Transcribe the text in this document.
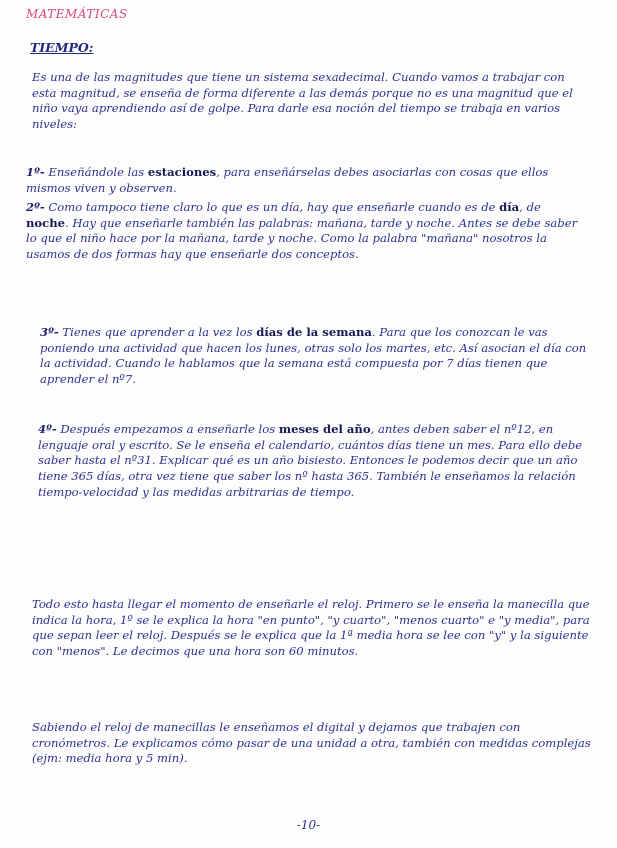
MATEMÁTICAS
TIEMPO:
Es una de las magnitudes que tiene un sistema sexadecimal. Cuando vamos a trabajar con esta magnitud, se enseña de forma diferente a las demás porque no es una magnitud que el niño vaya aprendiendo así de golpe. Para darle esa noción del tiempo se trabaja en varios niveles:
1º- Enseñándole las estaciones, para enseñárselas debes asociarlas con cosas que ellos mismos viven y observen.
2º- Como tampoco tiene claro lo que es un día, hay que enseñarle cuando es de día, de noche. Hay que enseñarle también las palabras: mañana, tarde y noche. Antes se debe saber lo que el niño hace por la mañana, tarde y noche. Como la palabra "mañana" nosotros la usamos de dos formas hay que enseñarle dos conceptos.
3º- Tienes que aprender a la vez los días de la semana. Para que los conozcan le vas poniendo una actividad que hacen los lunes, otras solo los martes, etc. Así asocian el día con la actividad. Cuando le hablamos que la semana está compuesta por 7 días tienen que aprender el nº7.
4º- Después empezamos a enseñarle los meses del año, antes deben saber el nº12, en lenguaje oral y escrito. Se le enseña el calendario, cuántos días tiene un mes. Para ello debe saber hasta el nº31. Explicar qué es un año bisiesto. Entonces le podemos decir que un año tiene 365 días, otra vez tiene que saber los nº hasta 365. También le enseñamos la relación tiempo-velocidad y las medidas arbitrarias de tiempo.
Todo esto hasta llegar el momento de enseñarle el reloj. Primero se le enseña la manecilla que indica la hora, 1º se le explica la hora "en punto", "y cuarto", "menos cuarto" e "y media", para que sepan leer el reloj. Después se le explica que la 1ª media hora se lee con "y" y la siguiente con "menos". Le decimos que una hora son 60 minutos.
Sabiendo el reloj de manecillas le enseñamos el digital y dejamos que trabajen con cronómetros. Le explicamos cómo pasar de una unidad a otra, también con medidas complejas (ejm: media hora y 5 min).
-10-
